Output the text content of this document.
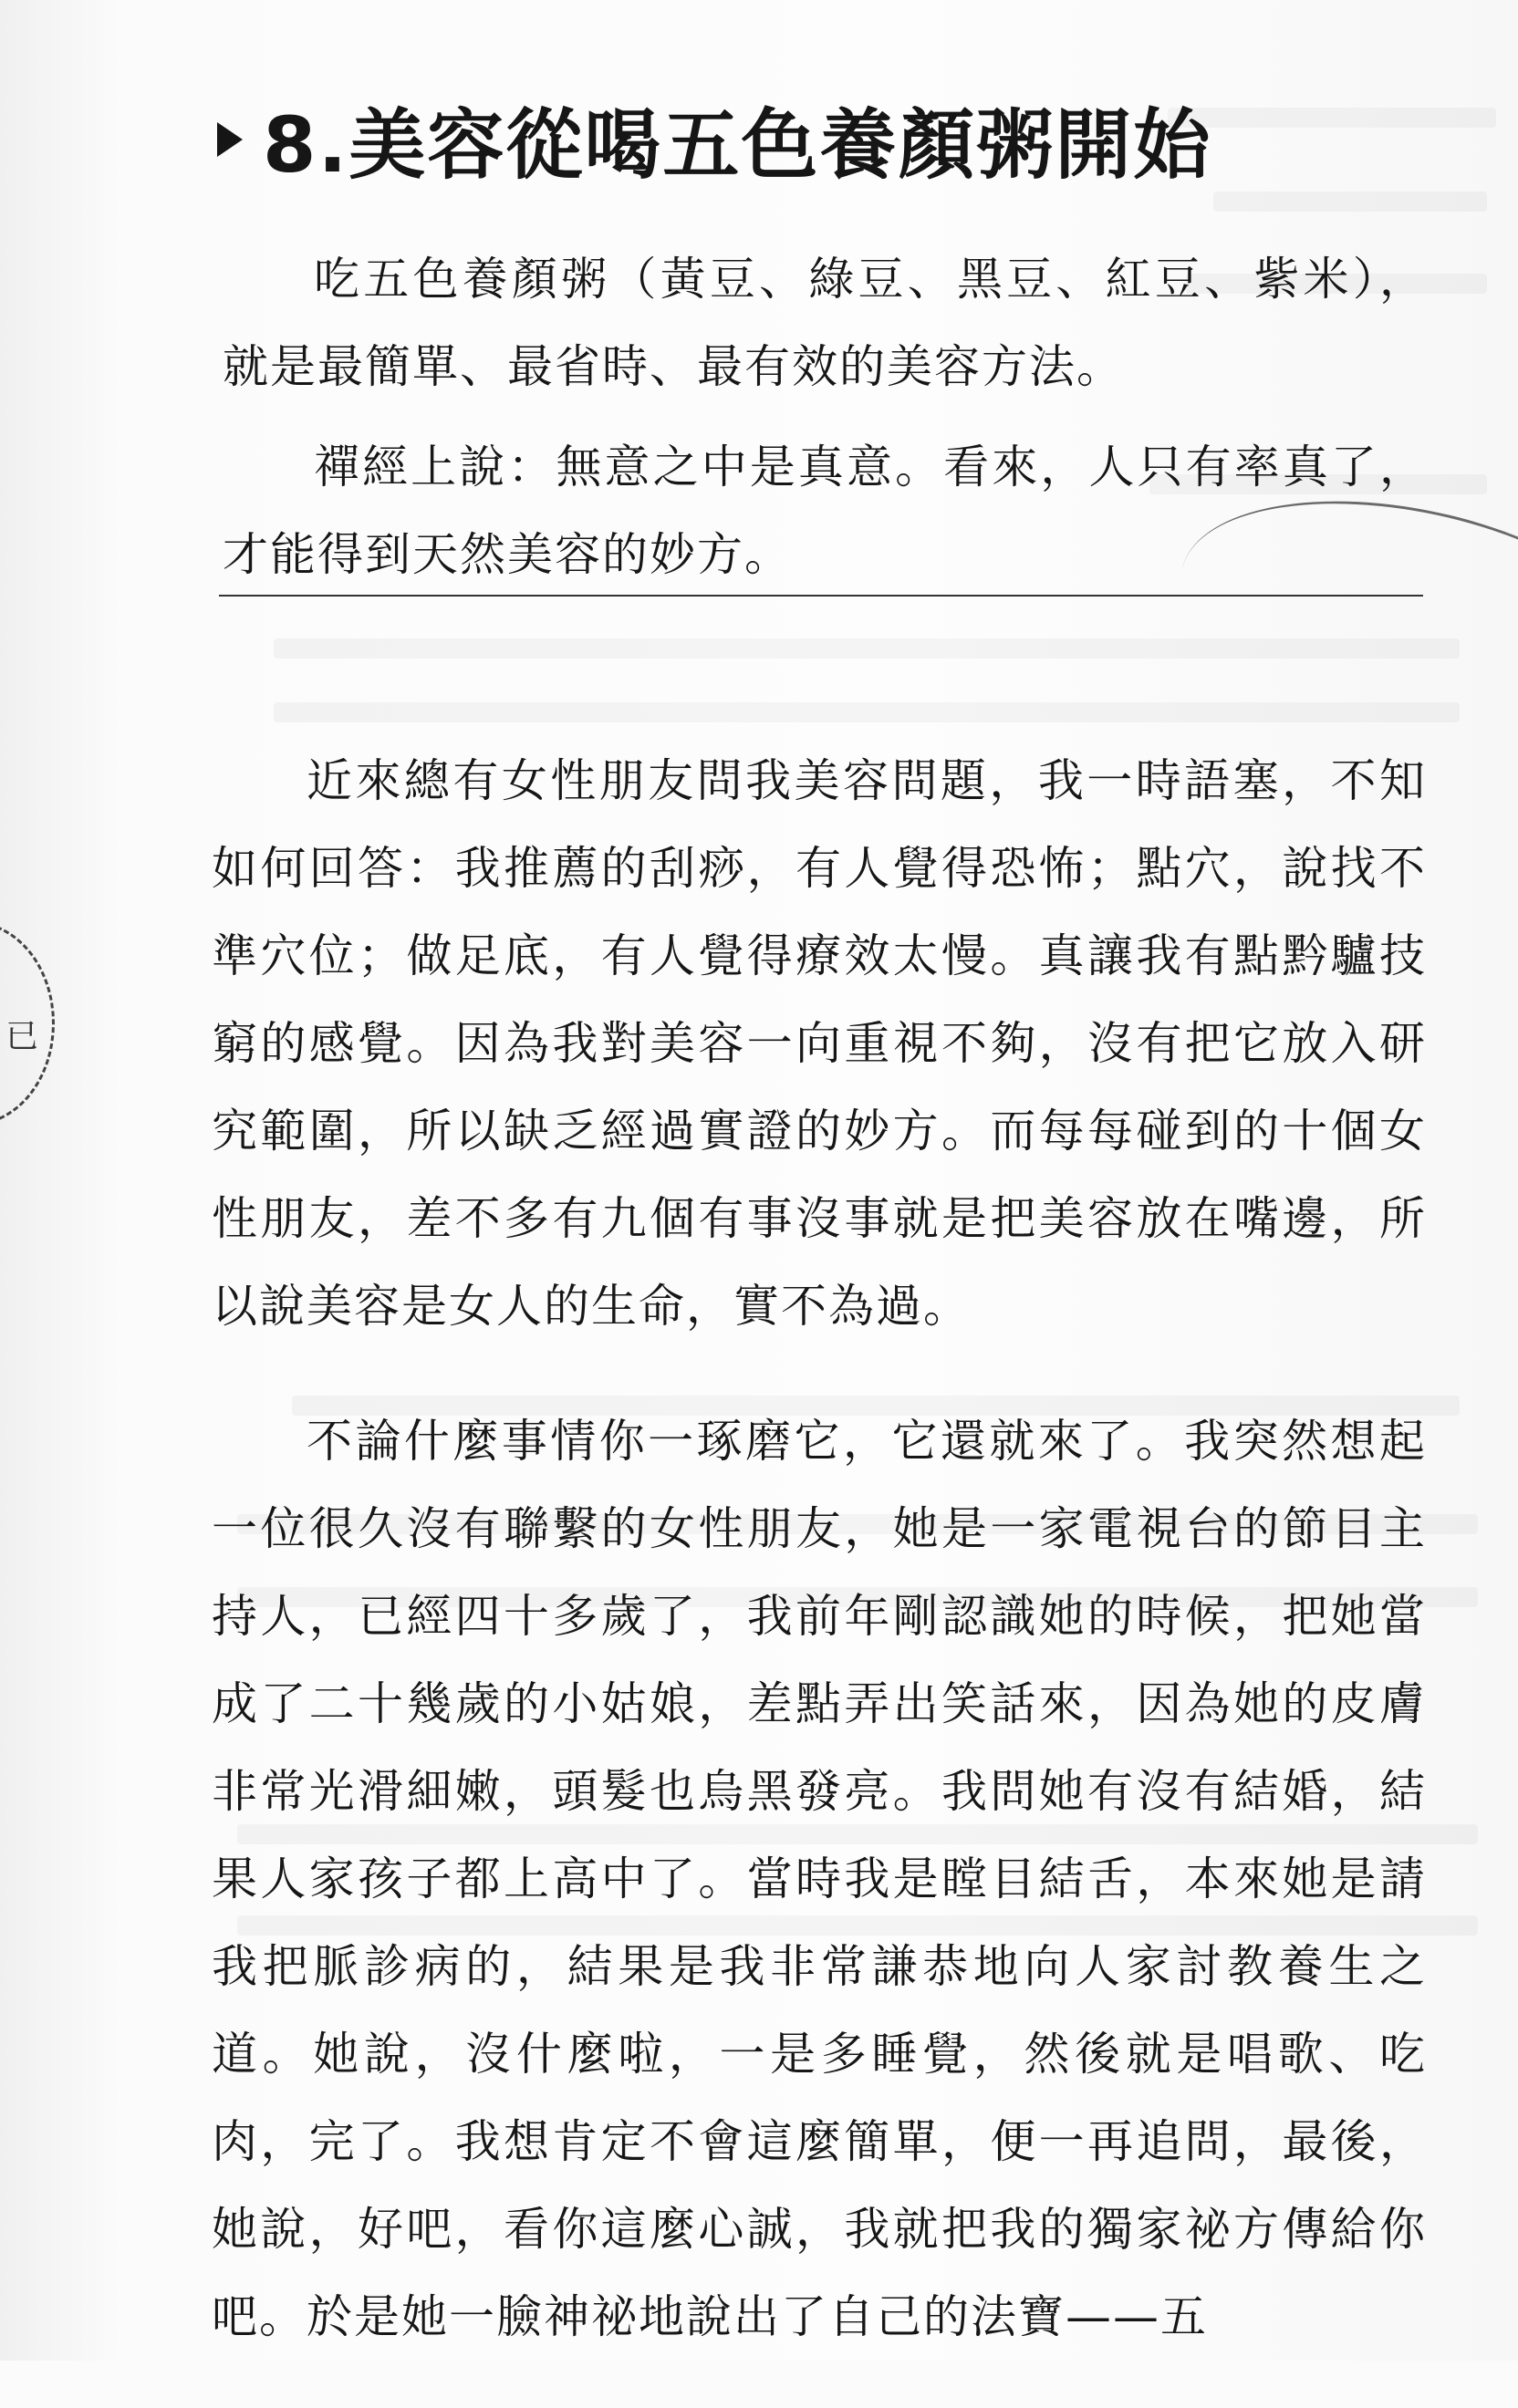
已
8.美容從喝五色養顏粥開始

吃五色養顏粥（黃豆、綠豆、黑豆、紅豆、紫米），就是最簡單、最省時、最有效的美容方法。

禪經上說：無意之中是真意。看來，人只有率真了，才能得到天然美容的妙方。

近來總有女性朋友問我美容問題，我一時語塞，不知如何回答：我推薦的刮痧，有人覺得恐怖；點穴，說找不準穴位；做足底，有人覺得療效太慢。真讓我有點黔驢技窮的感覺。因為我對美容一向重視不夠，沒有把它放入研究範圍，所以缺乏經過實證的妙方。而每每碰到的十個女性朋友，差不多有九個有事沒事就是把美容放在嘴邊，所以說美容是女人的生命，實不為過。

不論什麼事情你一琢磨它，它還就來了。我突然想起一位很久沒有聯繫的女性朋友，她是一家電視台的節目主持人，已經四十多歲了，我前年剛認識她的時候，把她當成了二十幾歲的小姑娘，差點弄出笑話來，因為她的皮膚非常光滑細嫩，頭髮也烏黑發亮。我問她有沒有結婚，結果人家孩子都上高中了。當時我是瞠目結舌，本來她是請我把脈診病的，結果是我非常謙恭地向人家討教養生之道。她說，沒什麼啦，一是多睡覺，然後就是唱歌、吃肉，完了。我想肯定不會這麼簡單，便一再追問，最後，她說，好吧，看你這麼心誠，我就把我的獨家祕方傳給你吧。於是她一臉神祕地說出了自己的法寶——五
